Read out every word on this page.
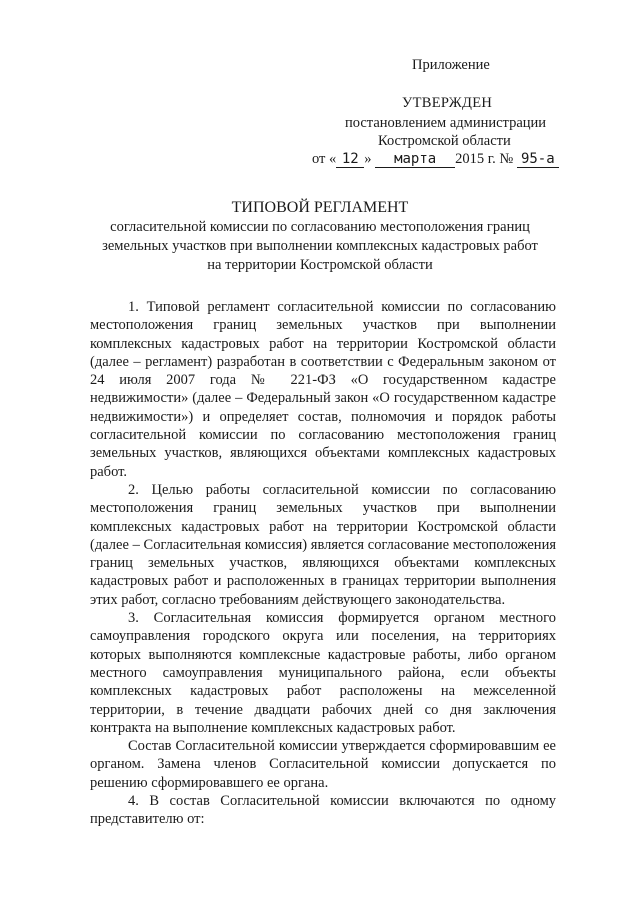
Приложение
УТВЕРЖДЕН
постановлением администрации
Костромской области
от « 12 » марта 2015 г. № 95-а
ТИПОВОЙ РЕГЛАМЕНТ
согласительной комиссии по согласованию местоположения границ
земельных участков при выполнении комплексных кадастровых работ
на территории Костромской области

1. Типовой регламент согласительной комиссии по согласованию местоположения границ земельных участков при выполнении комплексных кадастровых работ на территории Костромской области (далее – регламент) разработан в соответствии с Федеральным законом от 24 июля 2007 года № 221-ФЗ «О государственном кадастре недвижимости» (далее – Федеральный закон «О государственном кадастре недвижимости») и определяет состав, полномочия и порядок работы согласительной комиссии по согласованию местоположения границ земельных участков, являющихся объектами комплексных кадастровых работ.

2. Целью работы согласительной комиссии по согласованию местоположения границ земельных участков при выполнении комплексных кадастровых работ на территории Костромской области (далее – Согласительная комиссия) является согласование местоположения границ земельных участков, являющихся объектами комплексных кадастровых работ и расположенных в границах территории выполнения этих работ, согласно требованиям действующего законодательства.

3. Согласительная комиссия формируется органом местного самоуправления городского округа или поселения, на территориях которых выполняются комплексные кадастровые работы, либо органом местного самоуправления муниципального района, если объекты комплексных кадастровых работ расположены на межселенной территории, в течение двадцати рабочих дней со дня заключения контракта на выполнение комплексных кадастровых работ.

Состав Согласительной комиссии утверждается сформировавшим ее органом. Замена членов Согласительной комиссии допускается по решению сформировавшего ее органа.

4. В состав Согласительной комиссии включаются по одному представителю от:
